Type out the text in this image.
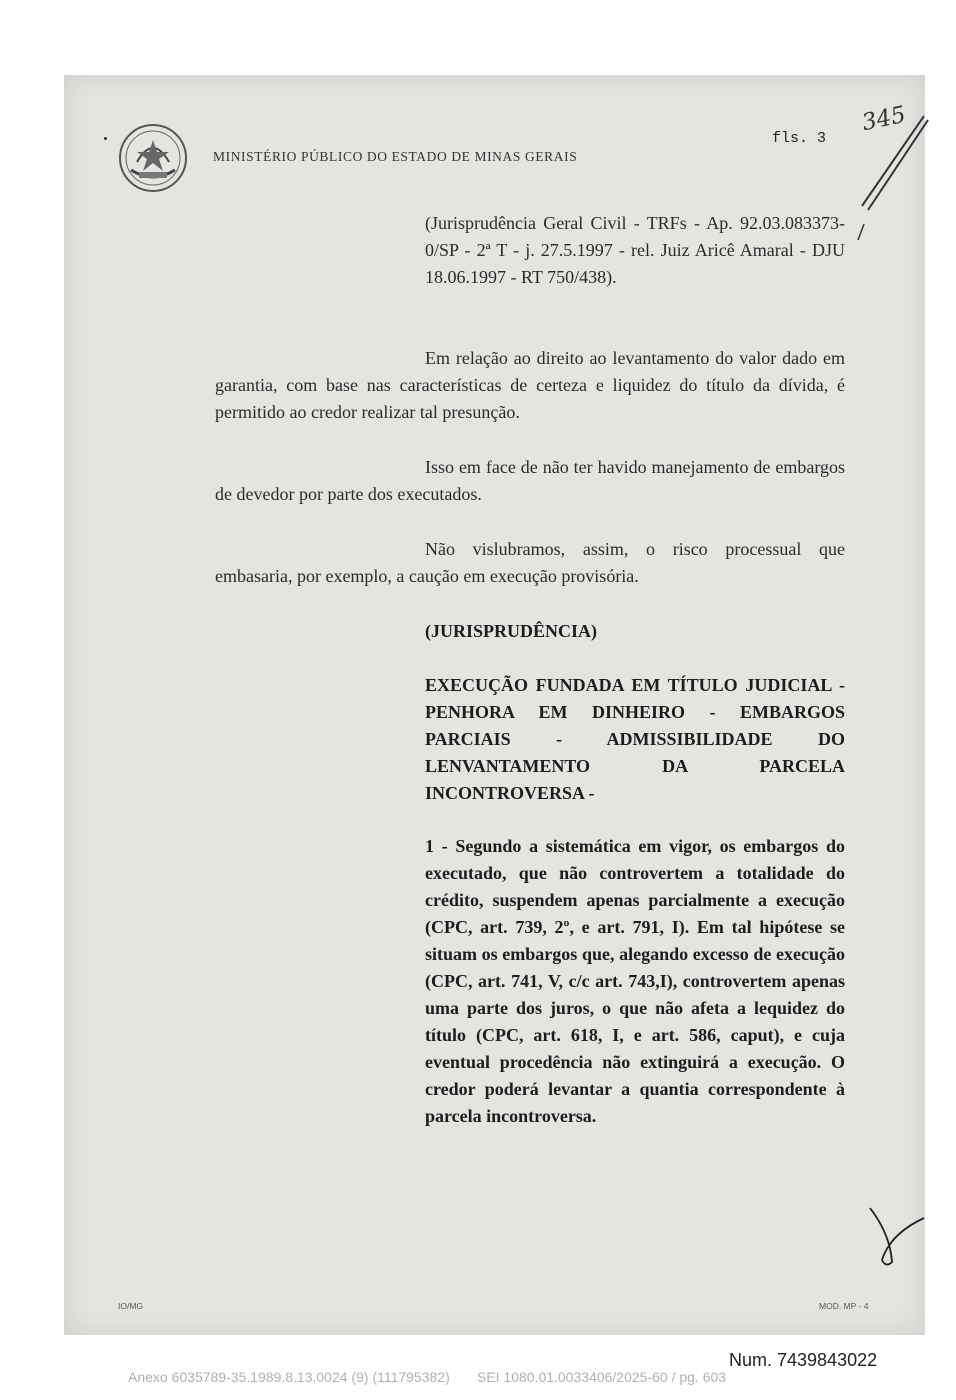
MINISTÉRIO PÚBLICO DO ESTADO DE MINAS GERAIS
fls. 3
345

(Jurisprudência Geral Civil - TRFs - Ap. 92.03.083373-0/SP - 2ª T - j. 27.5.1997 - rel. Juiz Aricê Amaral - DJU 18.06.1997 - RT 750/438).

Em relação ao direito ao levantamento do valor dado em garantia, com base nas características de certeza e liquidez do título da dívida, é permitido ao credor realizar tal presunção.

Isso em face de não ter havido manejamento de embargos de devedor por parte dos executados.

Não vislubramos, assim, o risco processual que embasaria, por exemplo, a caução em execução provisória.

(JURISPRUDÊNCIA)

EXECUÇÃO FUNDADA EM TÍTULO JUDICIAL - PENHORA EM DINHEIRO - EMBARGOS PARCIAIS - ADMISSIBILIDADE DO LENVANTAMENTO DA PARCELA INCONTROVERSA -

1 - Segundo a sistemática em vigor, os embargos do executado, que não controvertem a totalidade do crédito, suspendem apenas parcialmente a execução (CPC, art. 739, 2º, e art. 791, I). Em tal hipótese se situam os embargos que, alegando excesso de execução (CPC, art. 741, V, c/c art. 743,I), controvertem apenas uma parte dos juros, o que não afeta a lequidez do título (CPC, art. 618, I, e art. 586, caput), e cuja eventual procedência não extinguirá a execução. O credor poderá levantar a quantia correspondente à parcela incontroversa.

IO/MG	MOD. MP - 4
Num. 7439843022
Anexo 6035789-35.1989.8.13.0024 (9) (111795382)       SEI 1080.01.0033406/2025-60 / pg. 603
